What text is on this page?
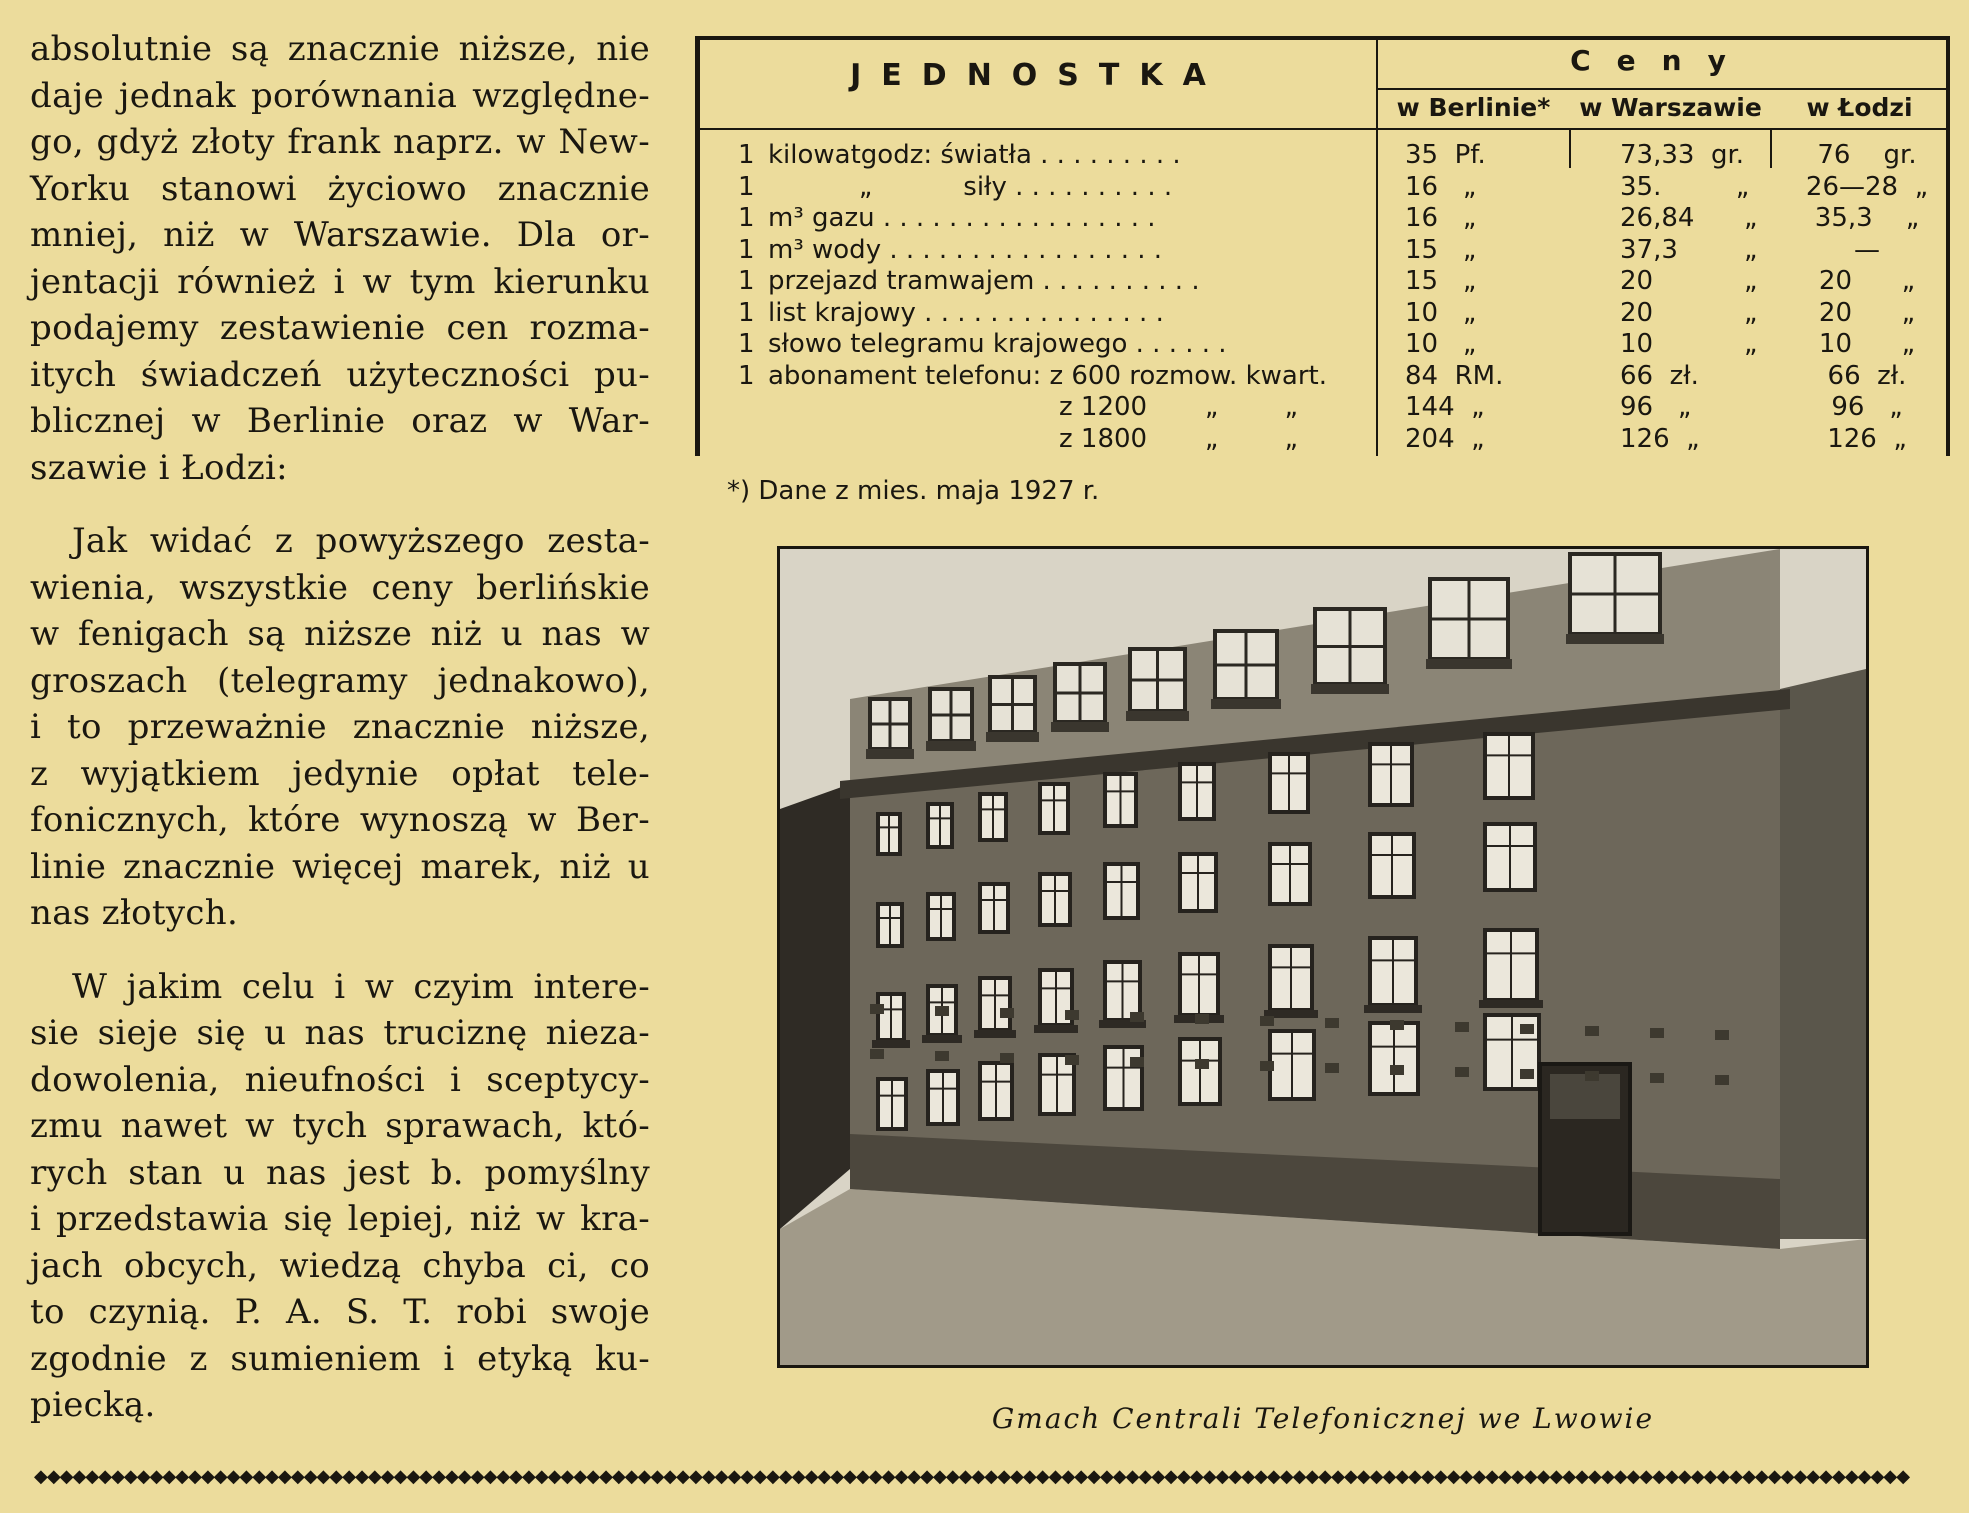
absolutnie są znacznie niższe, nie
daje jednak porównania względne-
go, gdyż złoty frank naprz. w New-
Yorku stanowi życiowo znacznie
mniej, niż w Warszawie. Dla or-
jentacji również i w tym kierunku
podajemy zestawienie cen rozma-
itych świadczeń użyteczności pu-
blicznej w Berlinie oraz w War-
szawie i Łodzi:

Jak widać z powyższego zesta-
wienia, wszystkie ceny berlińskie
w fenigach są niższe niż u nas w
groszach (telegramy jednakowo),
i to przeważnie znacznie niższe,
z wyjątkiem jedynie opłat tele-
fonicznych, które wynoszą w Ber-
linie znacznie więcej marek, niż u
nas złotych.

W jakim celu i w czyim intere-
sie sieje się u nas truciznę nieza-
dowolenia, nieufności i sceptycy-
zmu nawet w tych sprawach, któ-
rych stan u nas jest b. pomyślny
i przedstawia się lepiej, niż w kra-
jach obcych, wiedzą chyba ci, co
to czynią. P. A. S. T. robi swoje
zgodnie z sumieniem i etyką ku-
piecką.

JEDNOSTKA	Ceny
w Berlinie*	w Warszawie	w Łodzi
1 kilowatgodz: światła . . . . . . . . .	35  Pf.	73,33  gr.	76    gr.
1 „           siły . . . . . . . . . .	16   „	35.         „	26—28  „
1 m³ gazu . . . . . . . . . . . . . . . . .	16   „	26,84      „	35,3    „
1 m³ wody . . . . . . . . . . . . . . . . .	15   „	37,3        „	—
1 przejazd tramwajem . . . . . . . . . .	15   „	20           „	20      „
1 list krajowy . . . . . . . . . . . . . . .	10   „	20           „	20      „
1 słowo telegramu krajowego . . . . . .	10   „	10           „	10      „
1 abonament telefonu: z 600 rozmow. kwart.	84  RM.	66  zł.	66  zł.
z 1200       „        „	144  „	96   „	96   „
z 1800       „        „	204  „	126  „	126  „
*) Dane z mies. maja 1927 r.
Gmach Centrali Telefonicznej we Lwowie
◆◆◆◆◆◆◆◆◆◆◆◆◆◆◆◆◆◆◆◆◆◆◆◆◆◆◆◆◆◆◆◆◆◆◆◆◆◆◆◆◆◆◆◆◆◆◆◆◆◆◆◆◆◆◆◆◆◆◆◆◆◆◆◆◆◆◆◆◆◆◆◆◆◆◆◆◆◆◆◆◆◆◆◆◆◆◆◆◆◆◆◆◆◆◆◆◆◆◆◆◆◆◆◆◆◆◆◆◆◆◆◆◆◆◆◆◆◆◆◆◆◆◆◆◆◆◆◆◆◆◆◆◆◆◆◆◆◆◆◆◆◆◆◆◆◆
